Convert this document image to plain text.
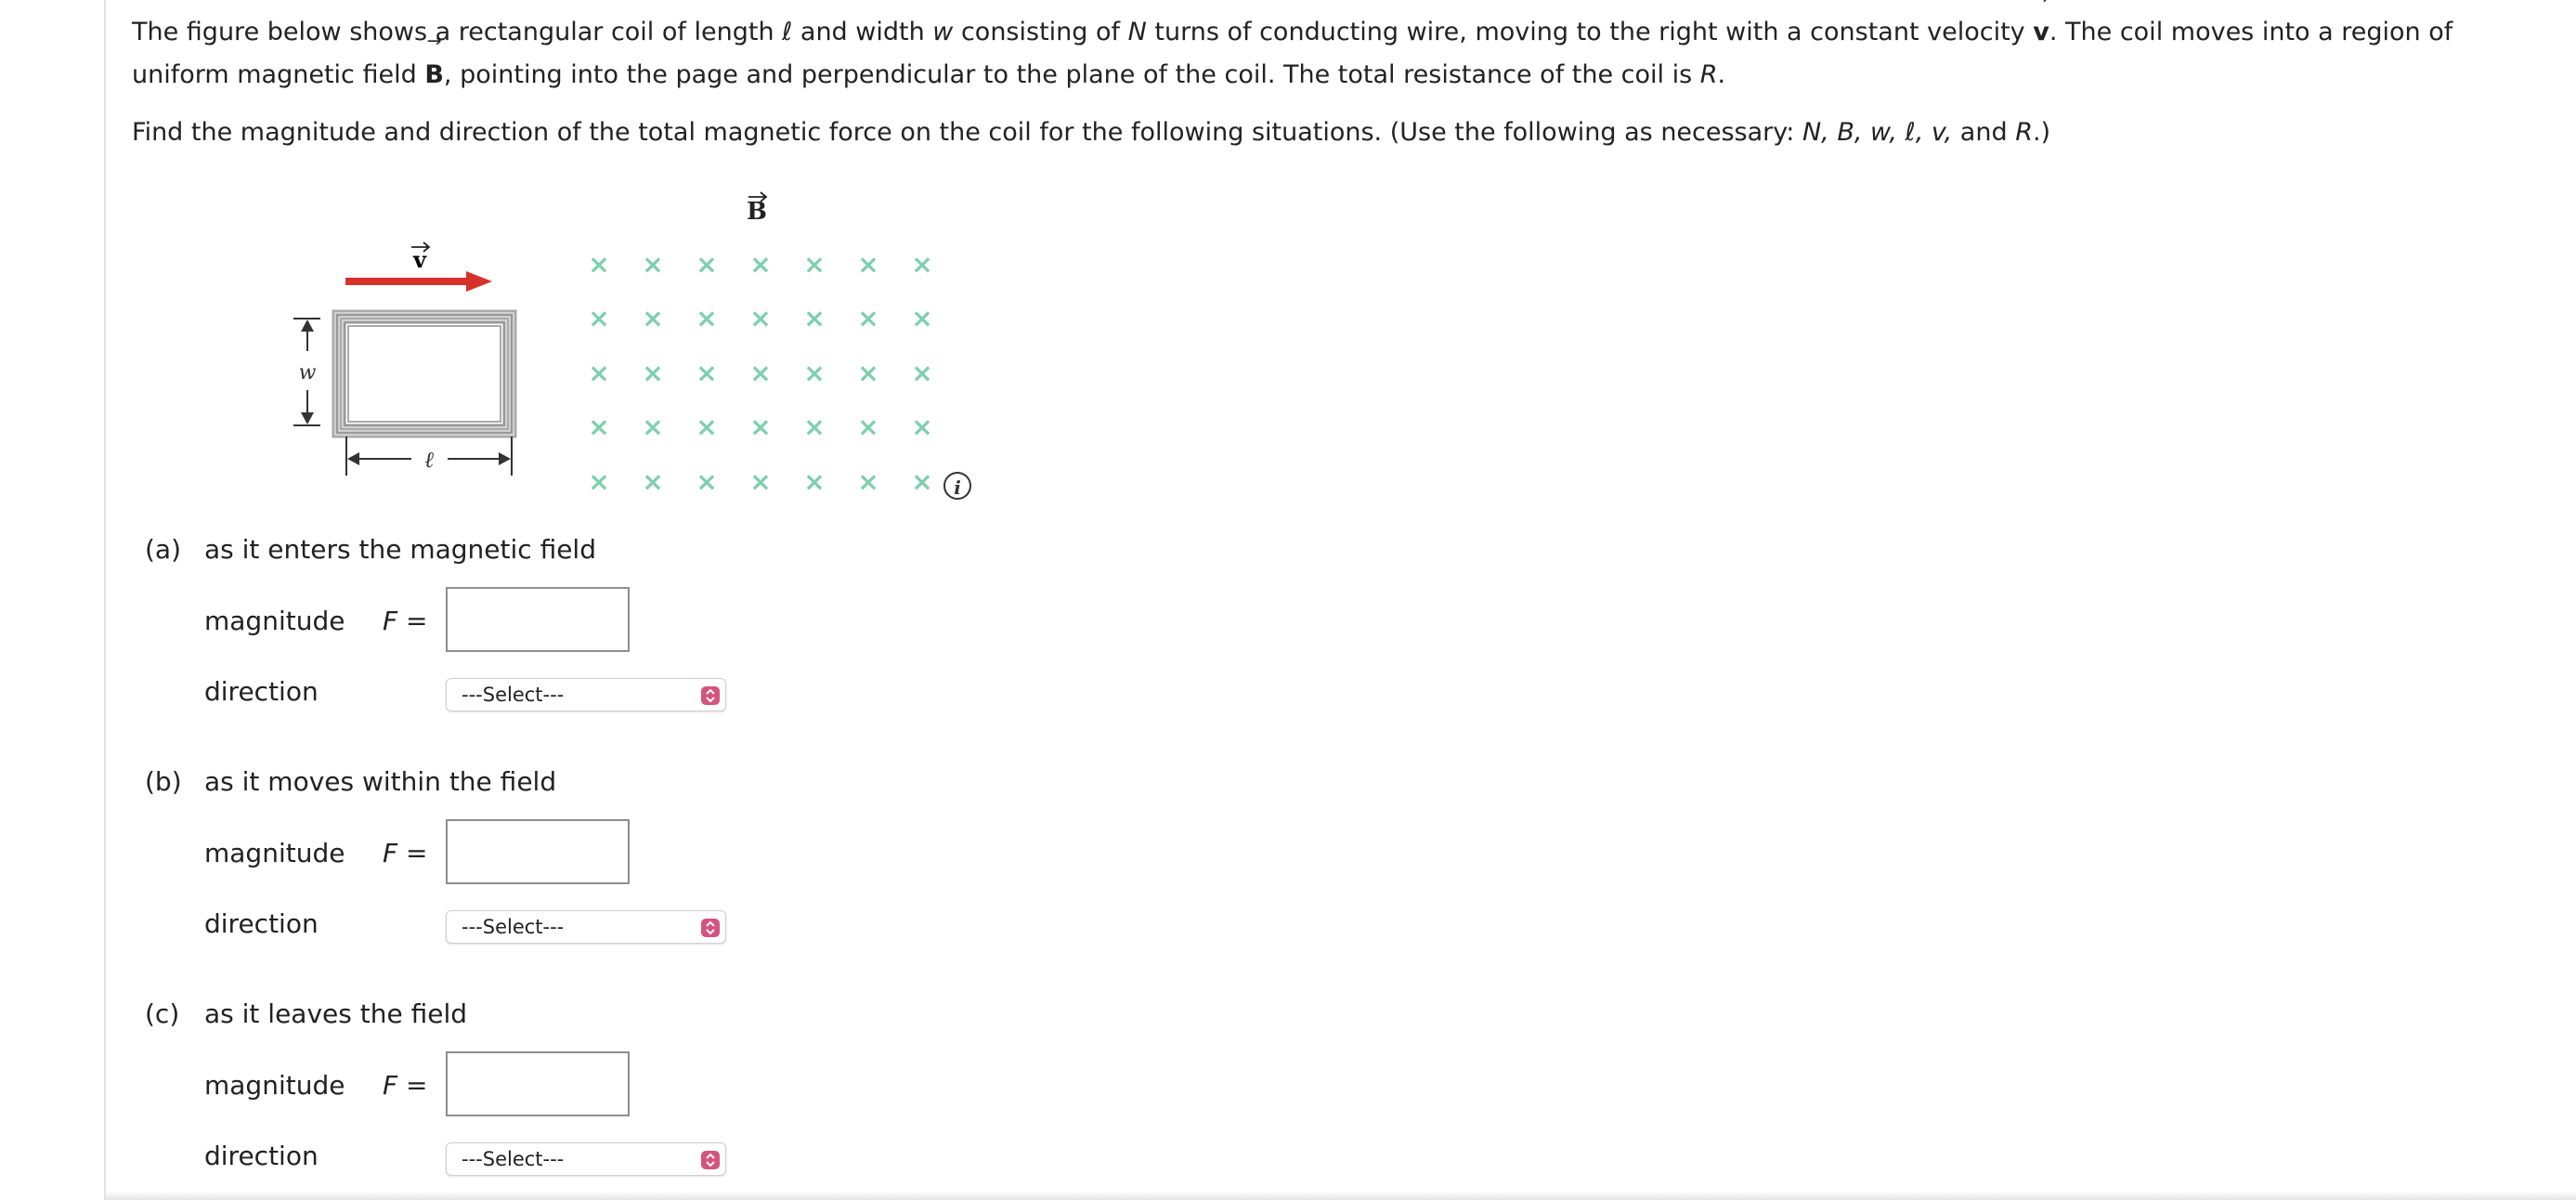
The figure below shows a rectangular coil of length ℓ and width w consisting of N turns of conducting wire, moving to the right with a constant velocity → v. The coil moves into a region of uniform magnetic field → B, pointing into the page and perpendicular to the plane of the coil. The total resistance of the coil is R.

Find the magnitude and direction of the total magnetic force on the coil for the following situations. (Use the following as necessary: N, B, w, ℓ, v, and R.)

v
w
ℓ
B
× × × × × × ×
× × × × × × ×
× × × × × × ×
× × × × × × ×
× × × × × × ×	i
(a) as it enters the magnetic field
magnitude F =
direction	---Select---
(b) as it moves within the field
magnitude F =
direction	---Select---
(c) as it leaves the field
magnitude F =
direction	---Select---
